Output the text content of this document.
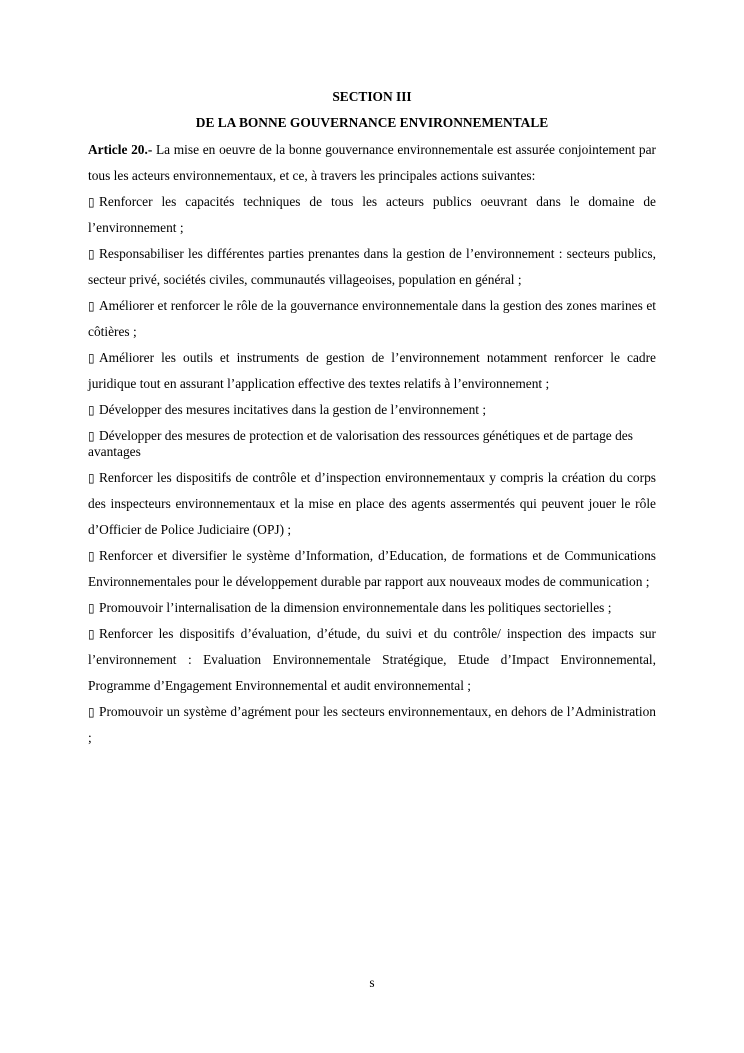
SECTION III
DE LA BONNE GOUVERNANCE ENVIRONNEMENTALE

Article 20.- La mise en oeuvre de la bonne gouvernance environnementale est assurée conjointement par tous les acteurs environnementaux, et ce, à travers les principales actions suivantes:

▯ Renforcer les capacités techniques de tous les acteurs publics oeuvrant dans le domaine de l’environnement ;

▯ Responsabiliser les différentes parties prenantes dans la gestion de l’environnement : secteurs publics, secteur privé, sociétés civiles, communautés villageoises, population en général ;

▯ Améliorer et renforcer le rôle de la gouvernance environnementale dans la gestion des zones marines et côtières ;

▯ Améliorer les outils et instruments de gestion de l’environnement notamment renforcer le cadre juridique tout en assurant l’application effective des textes relatifs à l’environnement ;

▯ Développer des mesures incitatives dans la gestion de l’environnement ;

▯ Développer des mesures de protection et de valorisation des ressources génétiques et de partage des avantages

▯ Renforcer les dispositifs de contrôle et d’inspection environnementaux y compris la création du corps des inspecteurs environnementaux et la mise en place des agents assermentés qui peuvent jouer le rôle d’Officier de Police Judiciaire (OPJ) ;

▯ Renforcer et diversifier le système d’Information, d’Education, de formations et de Communications Environnementales pour le développement durable par rapport aux nouveaux modes de communication ;

▯ Promouvoir l’internalisation de la dimension environnementale dans les politiques sectorielles ;

▯ Renforcer les dispositifs d’évaluation, d’étude, du suivi et du contrôle/ inspection des impacts sur l’environnement : Evaluation Environnementale Stratégique, Etude d’Impact Environnemental, Programme d’Engagement Environnemental et audit environnemental ;

▯ Promouvoir un système d’agrément pour les secteurs environnementaux, en dehors de l’Administration ;

s
